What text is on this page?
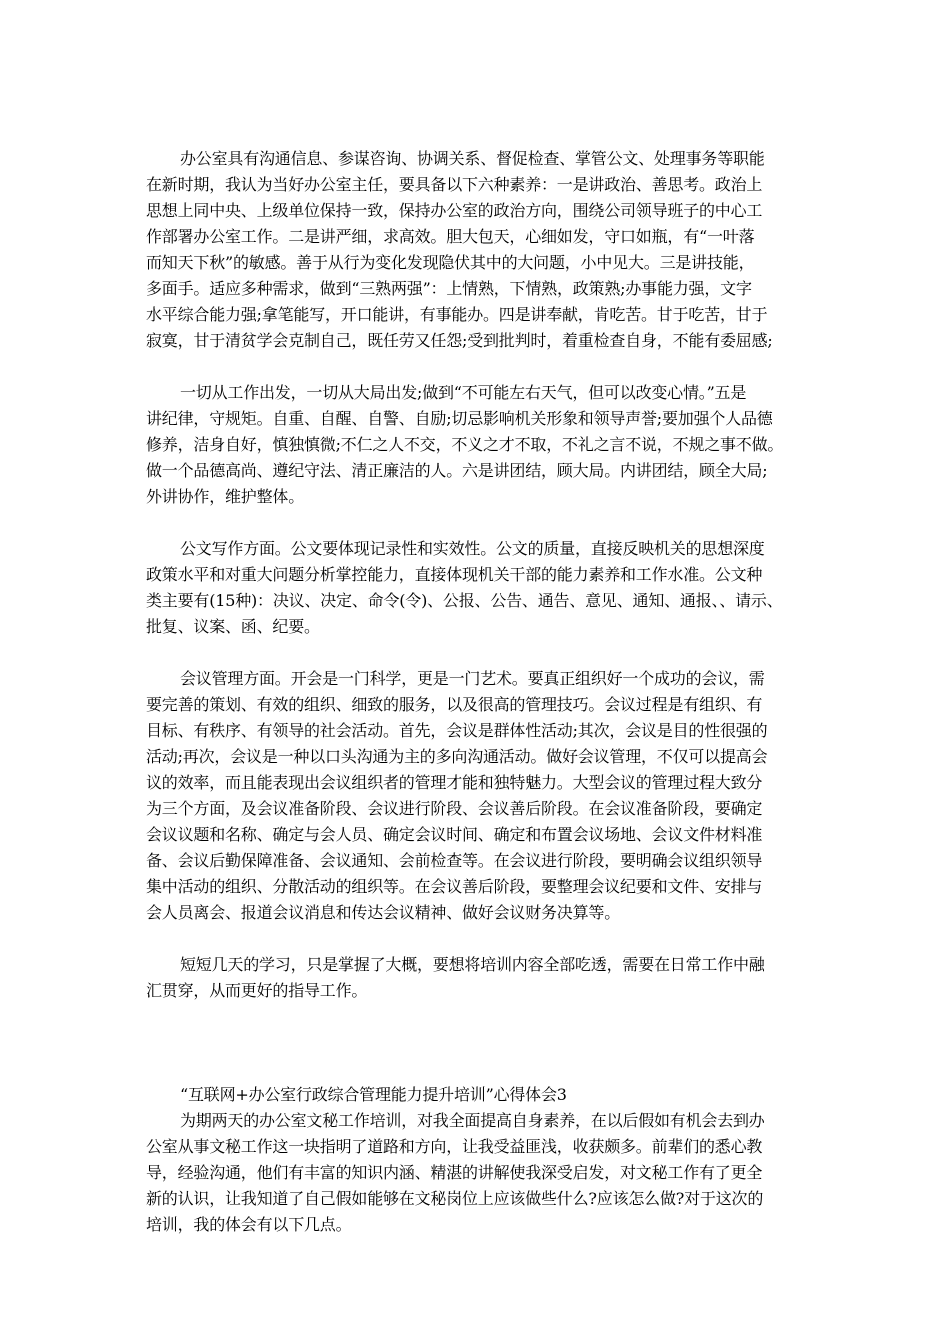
办公室具有沟通信息、参谋咨询、协调关系、督促检查、掌管公文、处理事务等职能
在新时期，我认为当好办公室主任，要具备以下六种素养：一是讲政治、善思考。政治上
思想上同中央、上级单位保持一致，保持办公室的政治方向，围绕公司领导班子的中心工
作部署办公室工作。二是讲严细，求高效。胆大包天，心细如发，守口如瓶，有“一叶落
而知天下秋”的敏感。善于从行为变化发现隐伏其中的大问题，小中见大。三是讲技能，
多面手。适应多种需求，做到“三熟两强”：上情熟，下情熟，政策熟;办事能力强，文字
水平综合能力强;拿笔能写，开口能讲，有事能办。四是讲奉献，肯吃苦。甘于吃苦，甘于
寂寞，甘于清贫学会克制自己，既任劳又任怨;受到批判时，着重检查自身，不能有委屈感;
一切从工作出发，一切从大局出发;做到“不可能左右天气，但可以改变心情。”五是
讲纪律，守规矩。自重、自醒、自警、自励;切忌影响机关形象和领导声誉;要加强个人品德
修养，洁身自好，慎独慎微;不仁之人不交，不义之才不取，不礼之言不说，不规之事不做。
做一个品德高尚、遵纪守法、清正廉洁的人。六是讲团结，顾大局。内讲团结，顾全大局;
外讲协作，维护整体。
公文写作方面。公文要体现记录性和实效性。公文的质量，直接反映机关的思想深度
政策水平和对重大问题分析掌控能力，直接体现机关干部的能力素养和工作水准。公文种
类主要有(15种)：决议、决定、命令(令)、公报、公告、通告、意见、通知、通报、、请示、
批复、议案、函、纪要。
会议管理方面。开会是一门科学，更是一门艺术。要真正组织好一个成功的会议，需
要完善的策划、有效的组织、细致的服务，以及很高的管理技巧。会议过程是有组织、有
目标、有秩序、有领导的社会活动。首先，会议是群体性活动;其次，会议是目的性很强的
活动;再次，会议是一种以口头沟通为主的多向沟通活动。做好会议管理，不仅可以提高会
议的效率，而且能表现出会议组织者的管理才能和独特魅力。大型会议的管理过程大致分
为三个方面，及会议准备阶段、会议进行阶段、会议善后阶段。在会议准备阶段，要确定
会议议题和名称、确定与会人员、确定会议时间、确定和布置会议场地、会议文件材料准
备、会议后勤保障准备、会议通知、会前检查等。在会议进行阶段，要明确会议组织领导
集中活动的组织、分散活动的组织等。在会议善后阶段，要整理会议纪要和文件、安排与
会人员离会、报道会议消息和传达会议精神、做好会议财务决算等。
短短几天的学习，只是掌握了大概，要想将培训内容全部吃透，需要在日常工作中融
汇贯穿，从而更好的指导工作。
“互联网+办公室行政综合管理能力提升培训”心得体会3
为期两天的办公室文秘工作培训，对我全面提高自身素养，在以后假如有机会去到办
公室从事文秘工作这一块指明了道路和方向，让我受益匪浅，收获颇多。前辈们的悉心教
导，经验沟通，他们有丰富的知识内涵、精湛的讲解使我深受启发，对文秘工作有了更全
新的认识，让我知道了自己假如能够在文秘岗位上应该做些什么?应该怎么做?对于这次的
培训，我的体会有以下几点。
